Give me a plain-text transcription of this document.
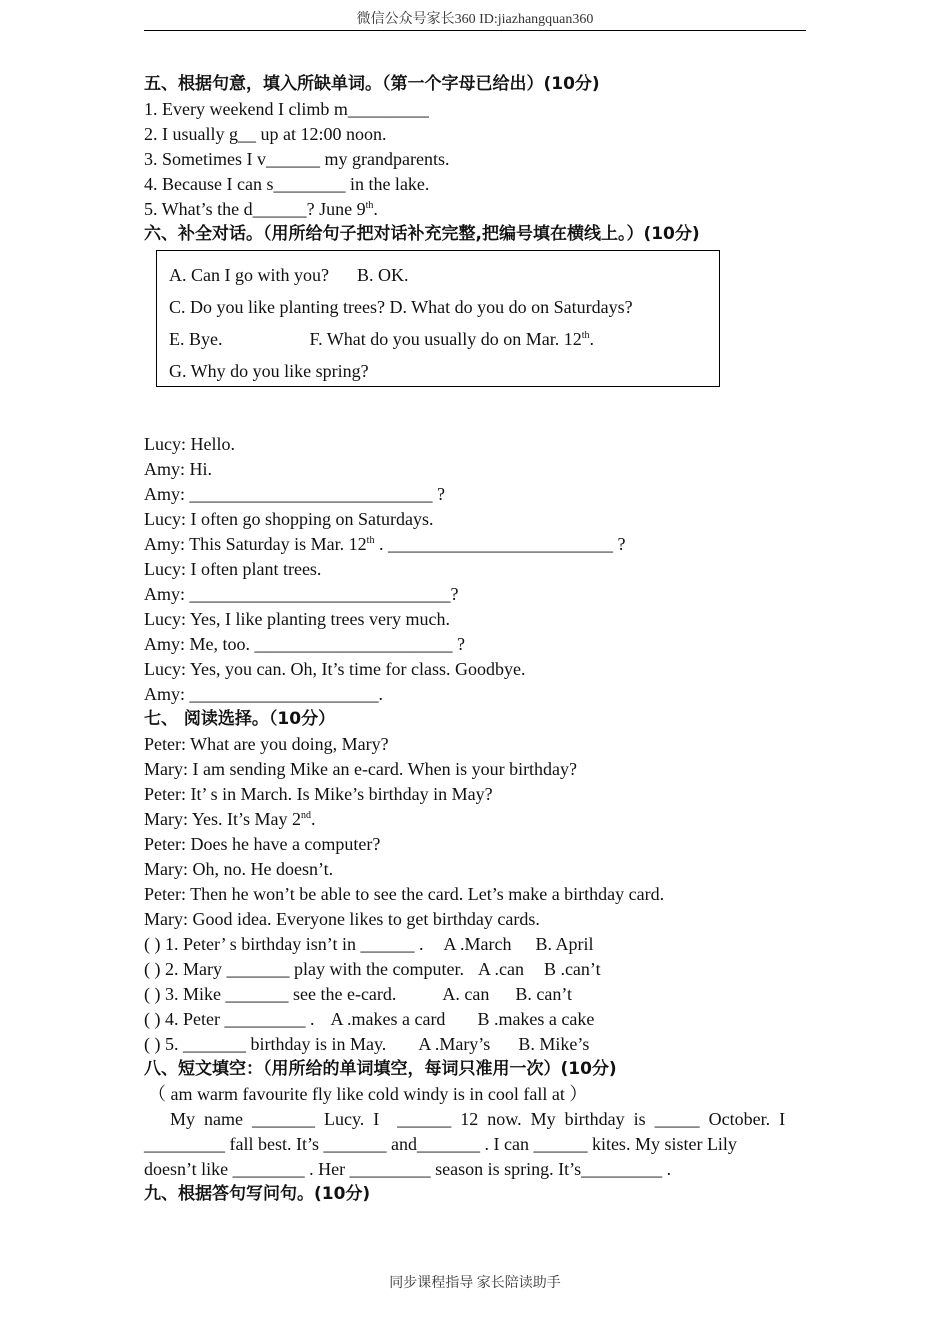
微信公众号家长360 ID:jiazhangquan360
五、根据句意，填入所缺单词。（第一个字母已给出）(10分)
1. Every weekend I climb m_________
2. I usually g__ up at 12:00 noon.
3. Sometimes I v______ my grandparents.
4. Because I can s________ in the lake.
5. What’s the d______? June 9th.
六、补全对话。（用所给句子把对话补充完整,把编号填在横线上。）(10分)
A. Can I go with you? B. OK.
C. Do you like planting trees? D. What do you do on Saturdays?
E. Bye.	F. What do you usually do on Mar. 12th.
G. Why do you like spring?
Lucy: Hello.
Amy: Hi.
Amy: ___________________________ ?
Lucy: I often go shopping on Saturdays.
Amy: This Saturday is Mar. 12th . _________________________ ?
Lucy: I often plant trees.
Amy: _____________________________?
Lucy: Yes, I like planting trees very much.
Amy: Me, too. ______________________ ?
Lucy: Yes, you can. Oh, It’s time for class. Goodbye.
Amy: _____________________.
七、 阅读选择。（10分）
Peter: What are you doing, Mary?
Mary: I am sending Mike an e-card. When is your birthday?
Peter: It’ s in March. Is Mike’s birthday in May?
Mary: Yes. It’s May 2nd.
Peter: Does he have a computer?
Mary: Oh, no. He doesn’t.
Peter: Then he won’t be able to see the card. Let’s make a birthday card.
Mary: Good idea. Everyone likes to get birthday cards.
( ) 1. Peter’ s birthday isn’t in ______ . A .March B. April
( ) 2. Mary _______ play with the computer. A .can B .can’t
( ) 3. Mike _______ see the e-card.	A. can B. can’t
( ) 4. Peter _________ . A .makes a card B .makes a cake
( ) 5. _______ birthday is in May. A .Mary’s B. Mike’s
八、短文填空：（用所给的单词填空，每词只准用一次）(10分)
（ am warm favourite fly like cold windy is in cool fall at ）
My  name  _______  Lucy.  I    ______  12  now.  My  birthday  is  _____  October.  I
_________ fall best. It’s _______ and_______ . I can ______ kites. My sister Lily
doesn’t like ________ . Her _________ season is spring. It’s_________ .
九、根据答句写问句。(10分)
同步课程指导 家长陪读助手
